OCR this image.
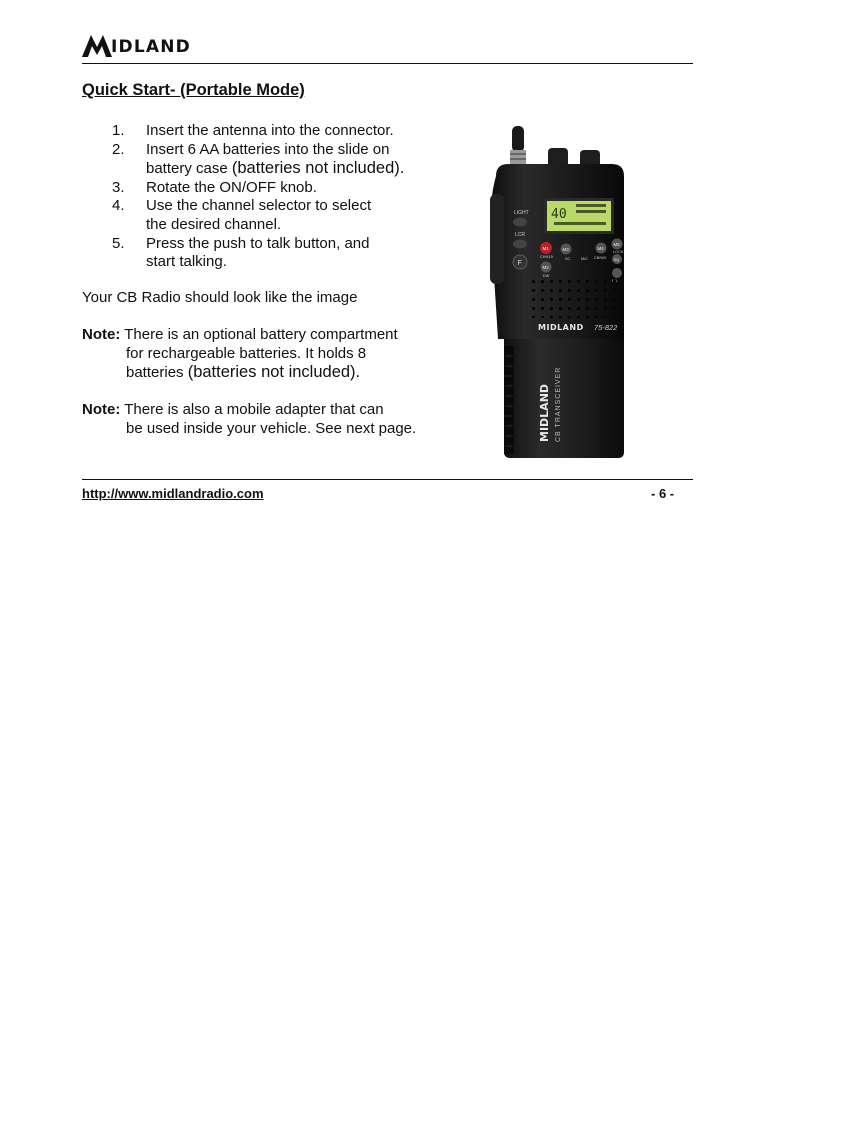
IDLAND
Quick Start- (Portable Mode)
1.	Insert the antenna into the connector.
2.	Insert 6 AA batteries into the slide on
battery case (batteries not included).
3.	Rotate the ON/OFF knob.
4.	Use the channel selector to select
the desired channel.
5.	Press the push to talk button, and
start talking.
Your CB Radio should look like the image
Note: There is an optional battery compartment

for rechargeable batteries. It holds 8
batteries (batteries not included).
Note: There is also a mobile adapter that can

be used inside your vehicle. See next page.
LIGHT
LCR
F
40
M1	M3	M4
M5
M2
CH9/19	SC	M/C CB/WX
LOCK
SQ
MIDLAND 75-822
MIDLAND CB TRANSCEIVER
http://www.midlandradio.com	- 6 -
